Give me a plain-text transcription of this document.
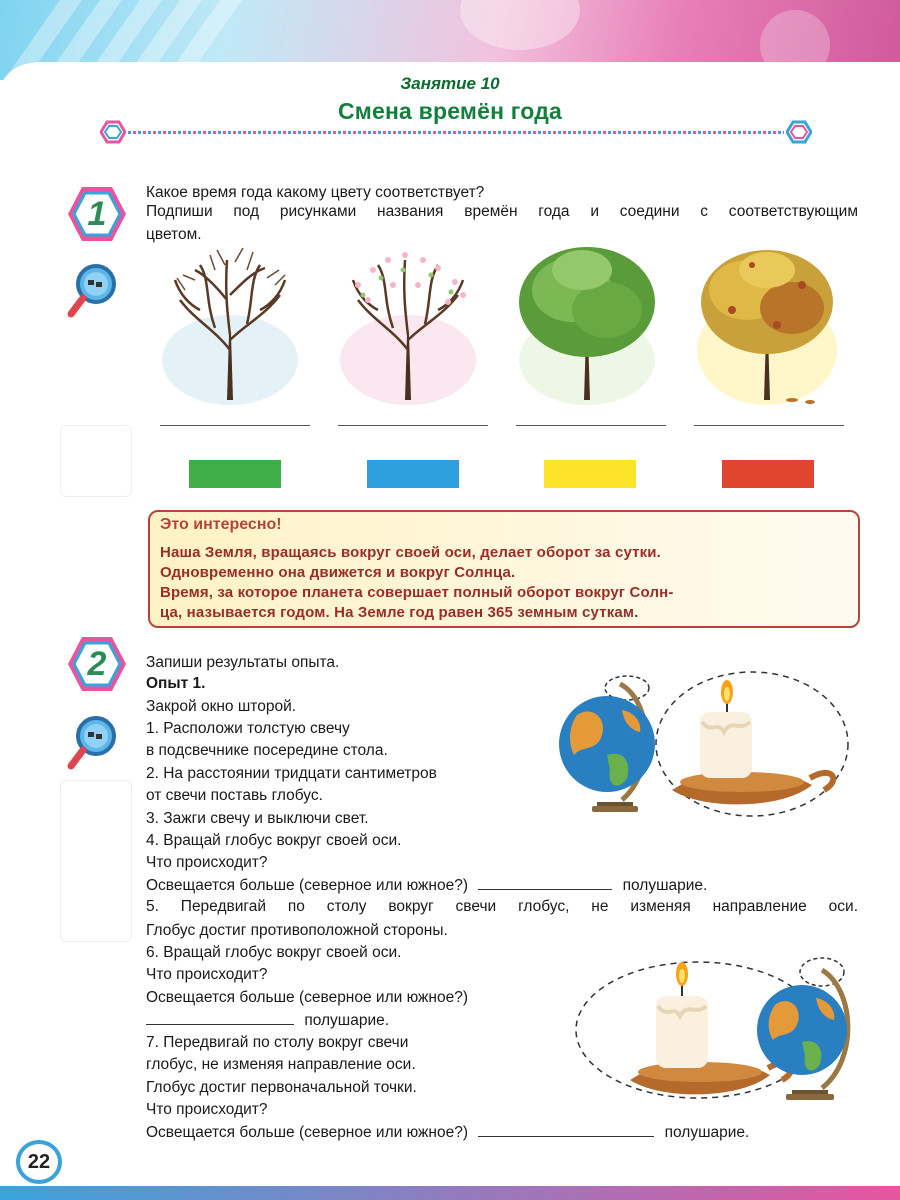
Занятие 10
Смена времён года
1
Какое время года какому цвету соответствует?
Подпиши под рисунками названия времён года и соедини с соответствующим
цветом.
Это интересно!
Наша Земля, вращаясь вокруг своей оси, делает оборот за сутки.
Одновременно она движется и вокруг Солнца.
Время, за которое планета совершает полный оборот вокруг Солн-
ца, называется годом. На Земле год равен 365 земным суткам.
2	Запиши результаты опыта.
Опыт 1.
Закрой окно шторой.
1. Расположи толстую свечу
в подсвечнике посередине стола.
2. На расстоянии тридцати сантиметров
от свечи поставь глобус.
3. Зажги свечу и выключи свет.
4. Вращай глобус вокруг своей оси.
Что происходит?
Освещается больше (северное или южное?)	полушарие.
5. Передвигай по столу вокруг свечи глобус, не изменяя направление оси.
Глобус достиг противоположной стороны.
6. Вращай глобус вокруг своей оси.
Что происходит?
Освещается больше (северное или южное?)
полушарие.
7. Передвигай по столу вокруг свечи
глобус, не изменяя направление оси.
Глобус достиг первоначальной точки.
Что происходит?
Освещается больше (северное или южное?)	полушарие.
22
